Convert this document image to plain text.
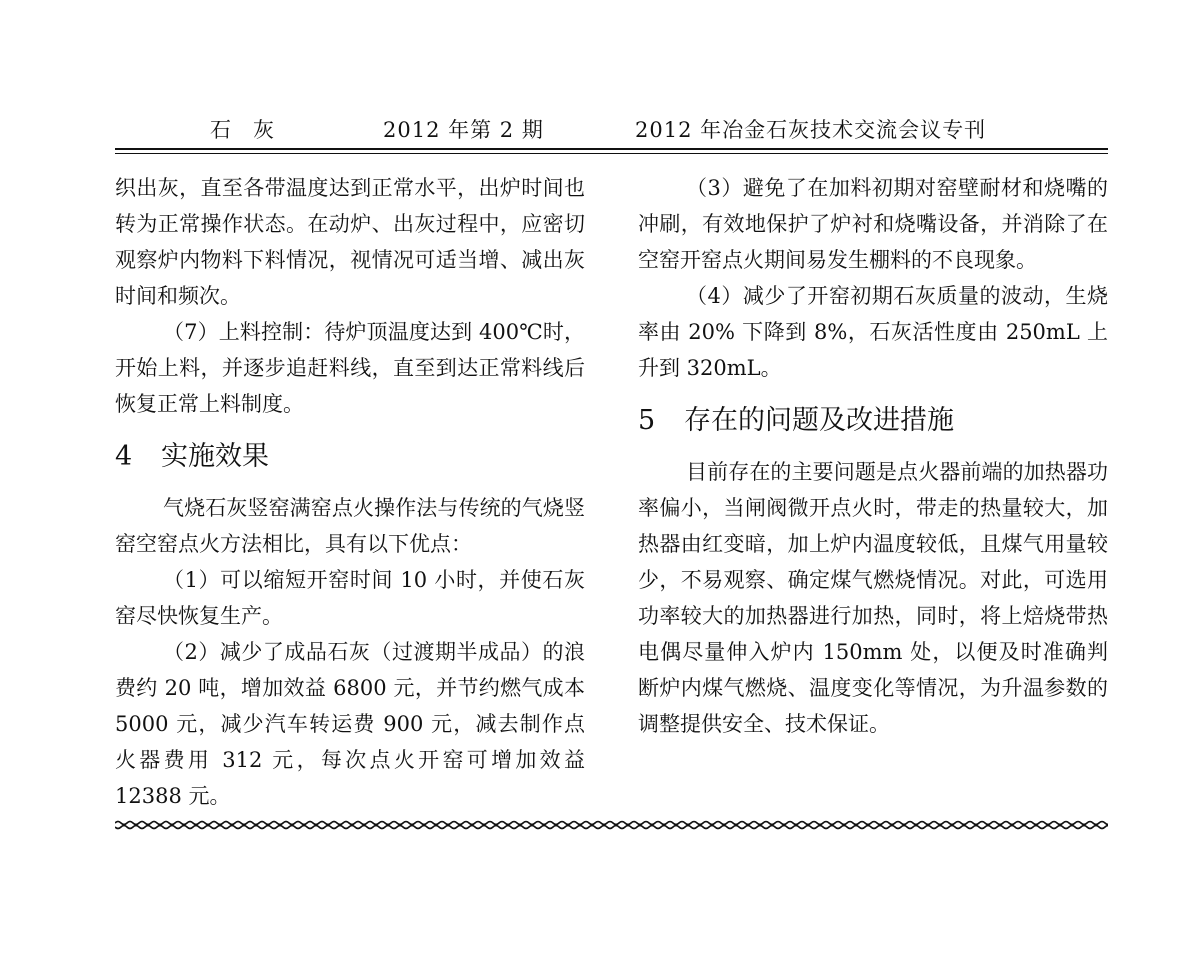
石灰	2012 年第 2 期	2012 年冶金石灰技术交流会议专刊

织出灰，直至各带温度达到正常水平，出炉时间也转为正常操作状态。在动炉、出灰过程中，应密切观察炉内物料下料情况，视情况可适当增、减出灰时间和频次。

（7）上料控制：待炉顶温度达到 400℃时，开始上料，并逐步追赶料线，直至到达正常料线后恢复正常上料制度。

4 实施效果

气烧石灰竖窑满窑点火操作法与传统的气烧竖窑空窑点火方法相比，具有以下优点：

（1）可以缩短开窑时间 10 小时，并使石灰窑尽快恢复生产。

（2）减少了成品石灰（过渡期半成品）的浪费约 20 吨，增加效益 6800 元，并节约燃气成本 5000 元，减少汽车转运费 900 元，减去制作点火器费用 312 元，每次点火开窑可增加效益 12388 元。

（3）避免了在加料初期对窑壁耐材和烧嘴的冲刷，有效地保护了炉衬和烧嘴设备，并消除了在空窑开窑点火期间易发生棚料的不良现象。

（4）减少了开窑初期石灰质量的波动，生烧率由 20% 下降到 8%，石灰活性度由 250mL 上升到 320mL。

5 存在的问题及改进措施

目前存在的主要问题是点火器前端的加热器功率偏小，当闸阀微开点火时，带走的热量较大，加热器由红变暗，加上炉内温度较低，且煤气用量较少，不易观察、确定煤气燃烧情况。对此，可选用功率较大的加热器进行加热，同时，将上焙烧带热电偶尽量伸入炉内 150mm 处，以便及时准确判断炉内煤气燃烧、温度变化等情况，为升温参数的调整提供安全、技术保证。
